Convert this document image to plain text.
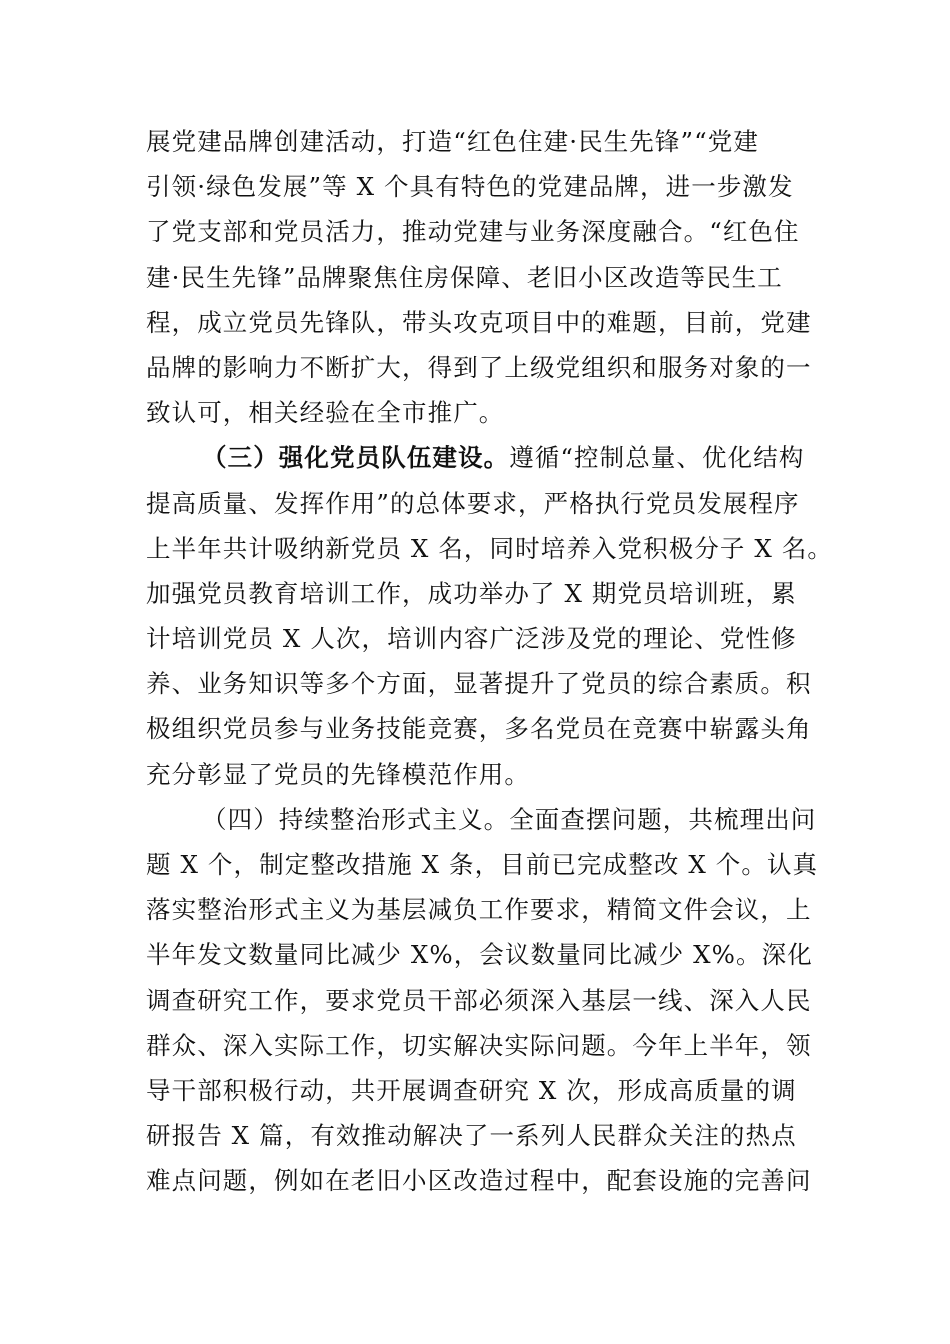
展党建品牌创建活动，打造“红色住建·民生先锋”“党建
引领·绿色发展”等 X 个具有特色的党建品牌，进一步激发
了党支部和党员活力，推动党建与业务深度融合。“红色住
建·民生先锋”品牌聚焦住房保障、老旧小区改造等民生工
程，成立党员先锋队，带头攻克项目中的难题，目前，党建
品牌的影响力不断扩大，得到了上级党组织和服务对象的一
致认可，相关经验在全市推广。
（三）强化党员队伍建设。遵循“控制总量、优化结构
提高质量、发挥作用”的总体要求，严格执行党员发展程序
上半年共计吸纳新党员 X 名，同时培养入党积极分子 X 名。
加强党员教育培训工作，成功举办了 X 期党员培训班，累
计培训党员 X 人次，培训内容广泛涉及党的理论、党性修
养、业务知识等多个方面，显著提升了党员的综合素质。积
极组织党员参与业务技能竞赛，多名党员在竞赛中崭露头角
充分彰显了党员的先锋模范作用。
（四）持续整治形式主义。全面查摆问题，共梳理出问
题 X 个，制定整改措施 X 条，目前已完成整改 X 个。认真
落实整治形式主义为基层减负工作要求，精简文件会议，上
半年发文数量同比减少 X%，会议数量同比减少 X%。深化
调查研究工作，要求党员干部必须深入基层一线、深入人民
群众、深入实际工作，切实解决实际问题。今年上半年，领
导干部积极行动，共开展调查研究 X 次，形成高质量的调
研报告 X 篇，有效推动解决了一系列人民群众关注的热点
难点问题，例如在老旧小区改造过程中，配套设施的完善问
